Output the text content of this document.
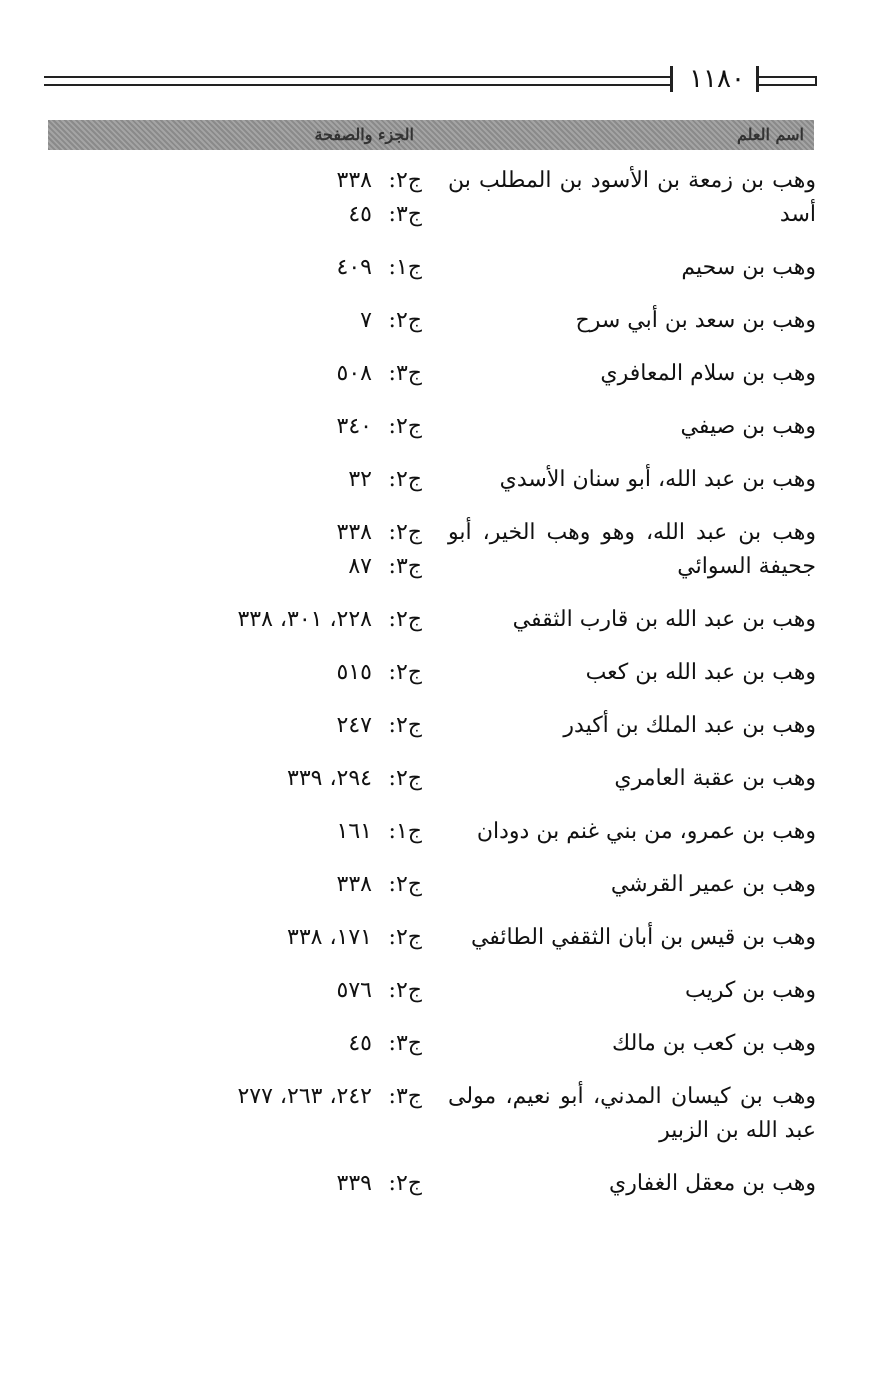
١١٨٠
اسم العلم
الجزء والصفحة
وهب بن زمعة بن الأسود بن المطلب بن أسد
ج٢:٣٣٨
ج٣:٤٥
وهب بن سحيم
ج١:٤٠٩
وهب بن سعد بن أبي سرح
ج٢:٧
وهب بن سلام المعافري
ج٣:٥٠٨
وهب بن صيفي
ج٢:٣٤٠
وهب بن عبد الله، أبو سنان الأسدي
ج٢:٣٢
وهب بن عبد الله، وهو وهب الخير، أبو جحيفة السوائي
ج٢:٣٣٨
ج٣:٨٧
وهب بن عبد الله بن قارب الثقفي
ج٢:٢٢٨، ٣٠١، ٣٣٨
وهب بن عبد الله بن كعب
ج٢:٥١٥
وهب بن عبد الملك بن أكيدر
ج٢:٢٤٧
وهب بن عقبة العامري
ج٢:٢٩٤، ٣٣٩
وهب بن عمرو، من بني غنم بن دودان
ج١:١٦١
وهب بن عمير القرشي
ج٢:٣٣٨
وهب بن قيس بن أبان الثقفي الطائفي
ج٢:١٧١، ٣٣٨
وهب بن كريب
ج٢:٥٧٦
وهب بن كعب بن مالك
ج٣:٤٥
وهب بن كيسان المدني، أبو نعيم، مولى عبد الله بن الزبير
ج٣:٢٤٢، ٢٦٣، ٢٧٧
وهب بن معقل الغفاري
ج٢:٣٣٩
